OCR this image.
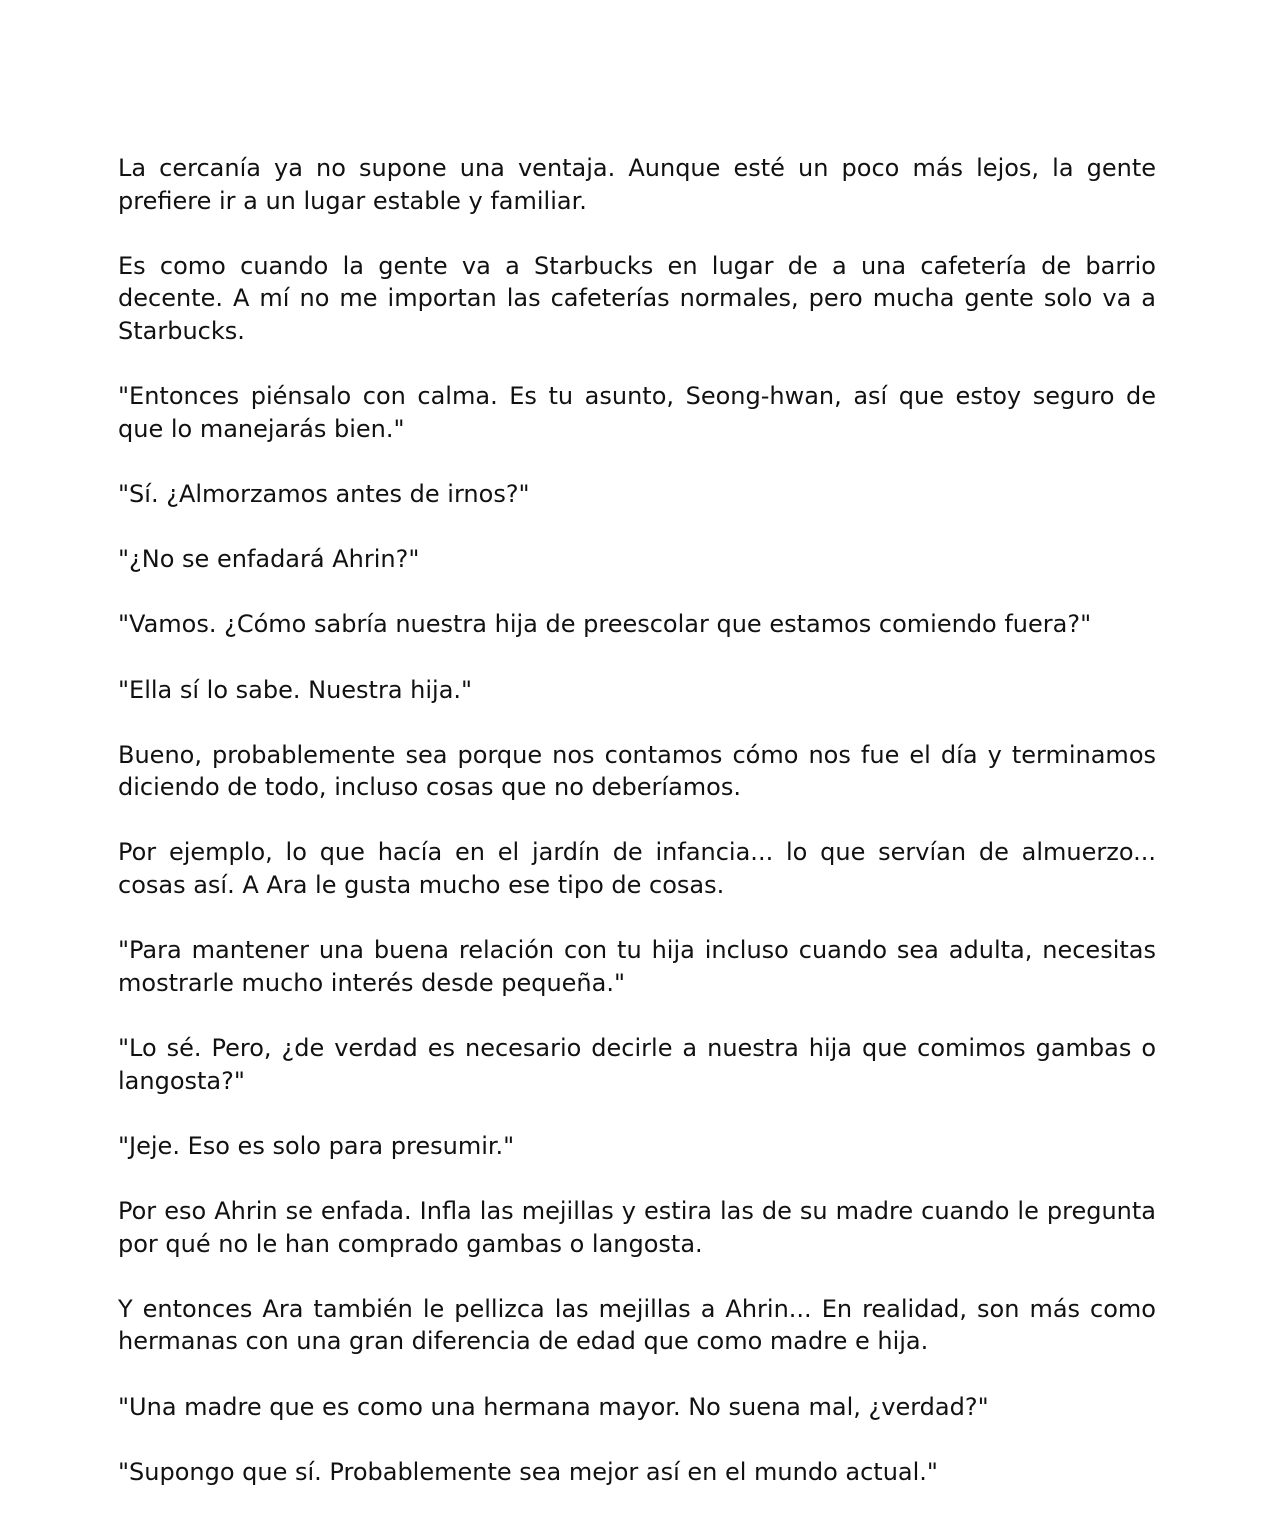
La cercanía ya no supone una ventaja. Aunque esté un poco más lejos, la gente prefiere ir a un lugar estable y familiar.

Es como cuando la gente va a Starbucks en lugar de a una cafetería de barrio decente. A mí no me importan las cafeterías normales, pero mucha gente solo va a Starbucks.

"Entonces piénsalo con calma. Es tu asunto, Seong-hwan, así que estoy seguro de que lo manejarás bien."

"Sí. ¿Almorzamos antes de irnos?"

"¿No se enfadará Ahrin?"

"Vamos. ¿Cómo sabría nuestra hija de preescolar que estamos comiendo fuera?"

"Ella sí lo sabe. Nuestra hija."

Bueno, probablemente sea porque nos contamos cómo nos fue el día y terminamos diciendo de todo, incluso cosas que no deberíamos.

Por ejemplo, lo que hacía en el jardín de infancia... lo que servían de almuerzo... cosas así. A Ara le gusta mucho ese tipo de cosas.

"Para mantener una buena relación con tu hija incluso cuando sea adulta, necesitas mostrarle mucho interés desde pequeña."

"Lo sé. Pero, ¿de verdad es necesario decirle a nuestra hija que comimos gambas o langosta?"

"Jeje. Eso es solo para presumir."

Por eso Ahrin se enfada. Infla las mejillas y estira las de su madre cuando le pregunta por qué no le han comprado gambas o langosta.

Y entonces Ara también le pellizca las mejillas a Ahrin... En realidad, son más como hermanas con una gran diferencia de edad que como madre e hija.

"Una madre que es como una hermana mayor. No suena mal, ¿verdad?"

"Supongo que sí. Probablemente sea mejor así en el mundo actual."
